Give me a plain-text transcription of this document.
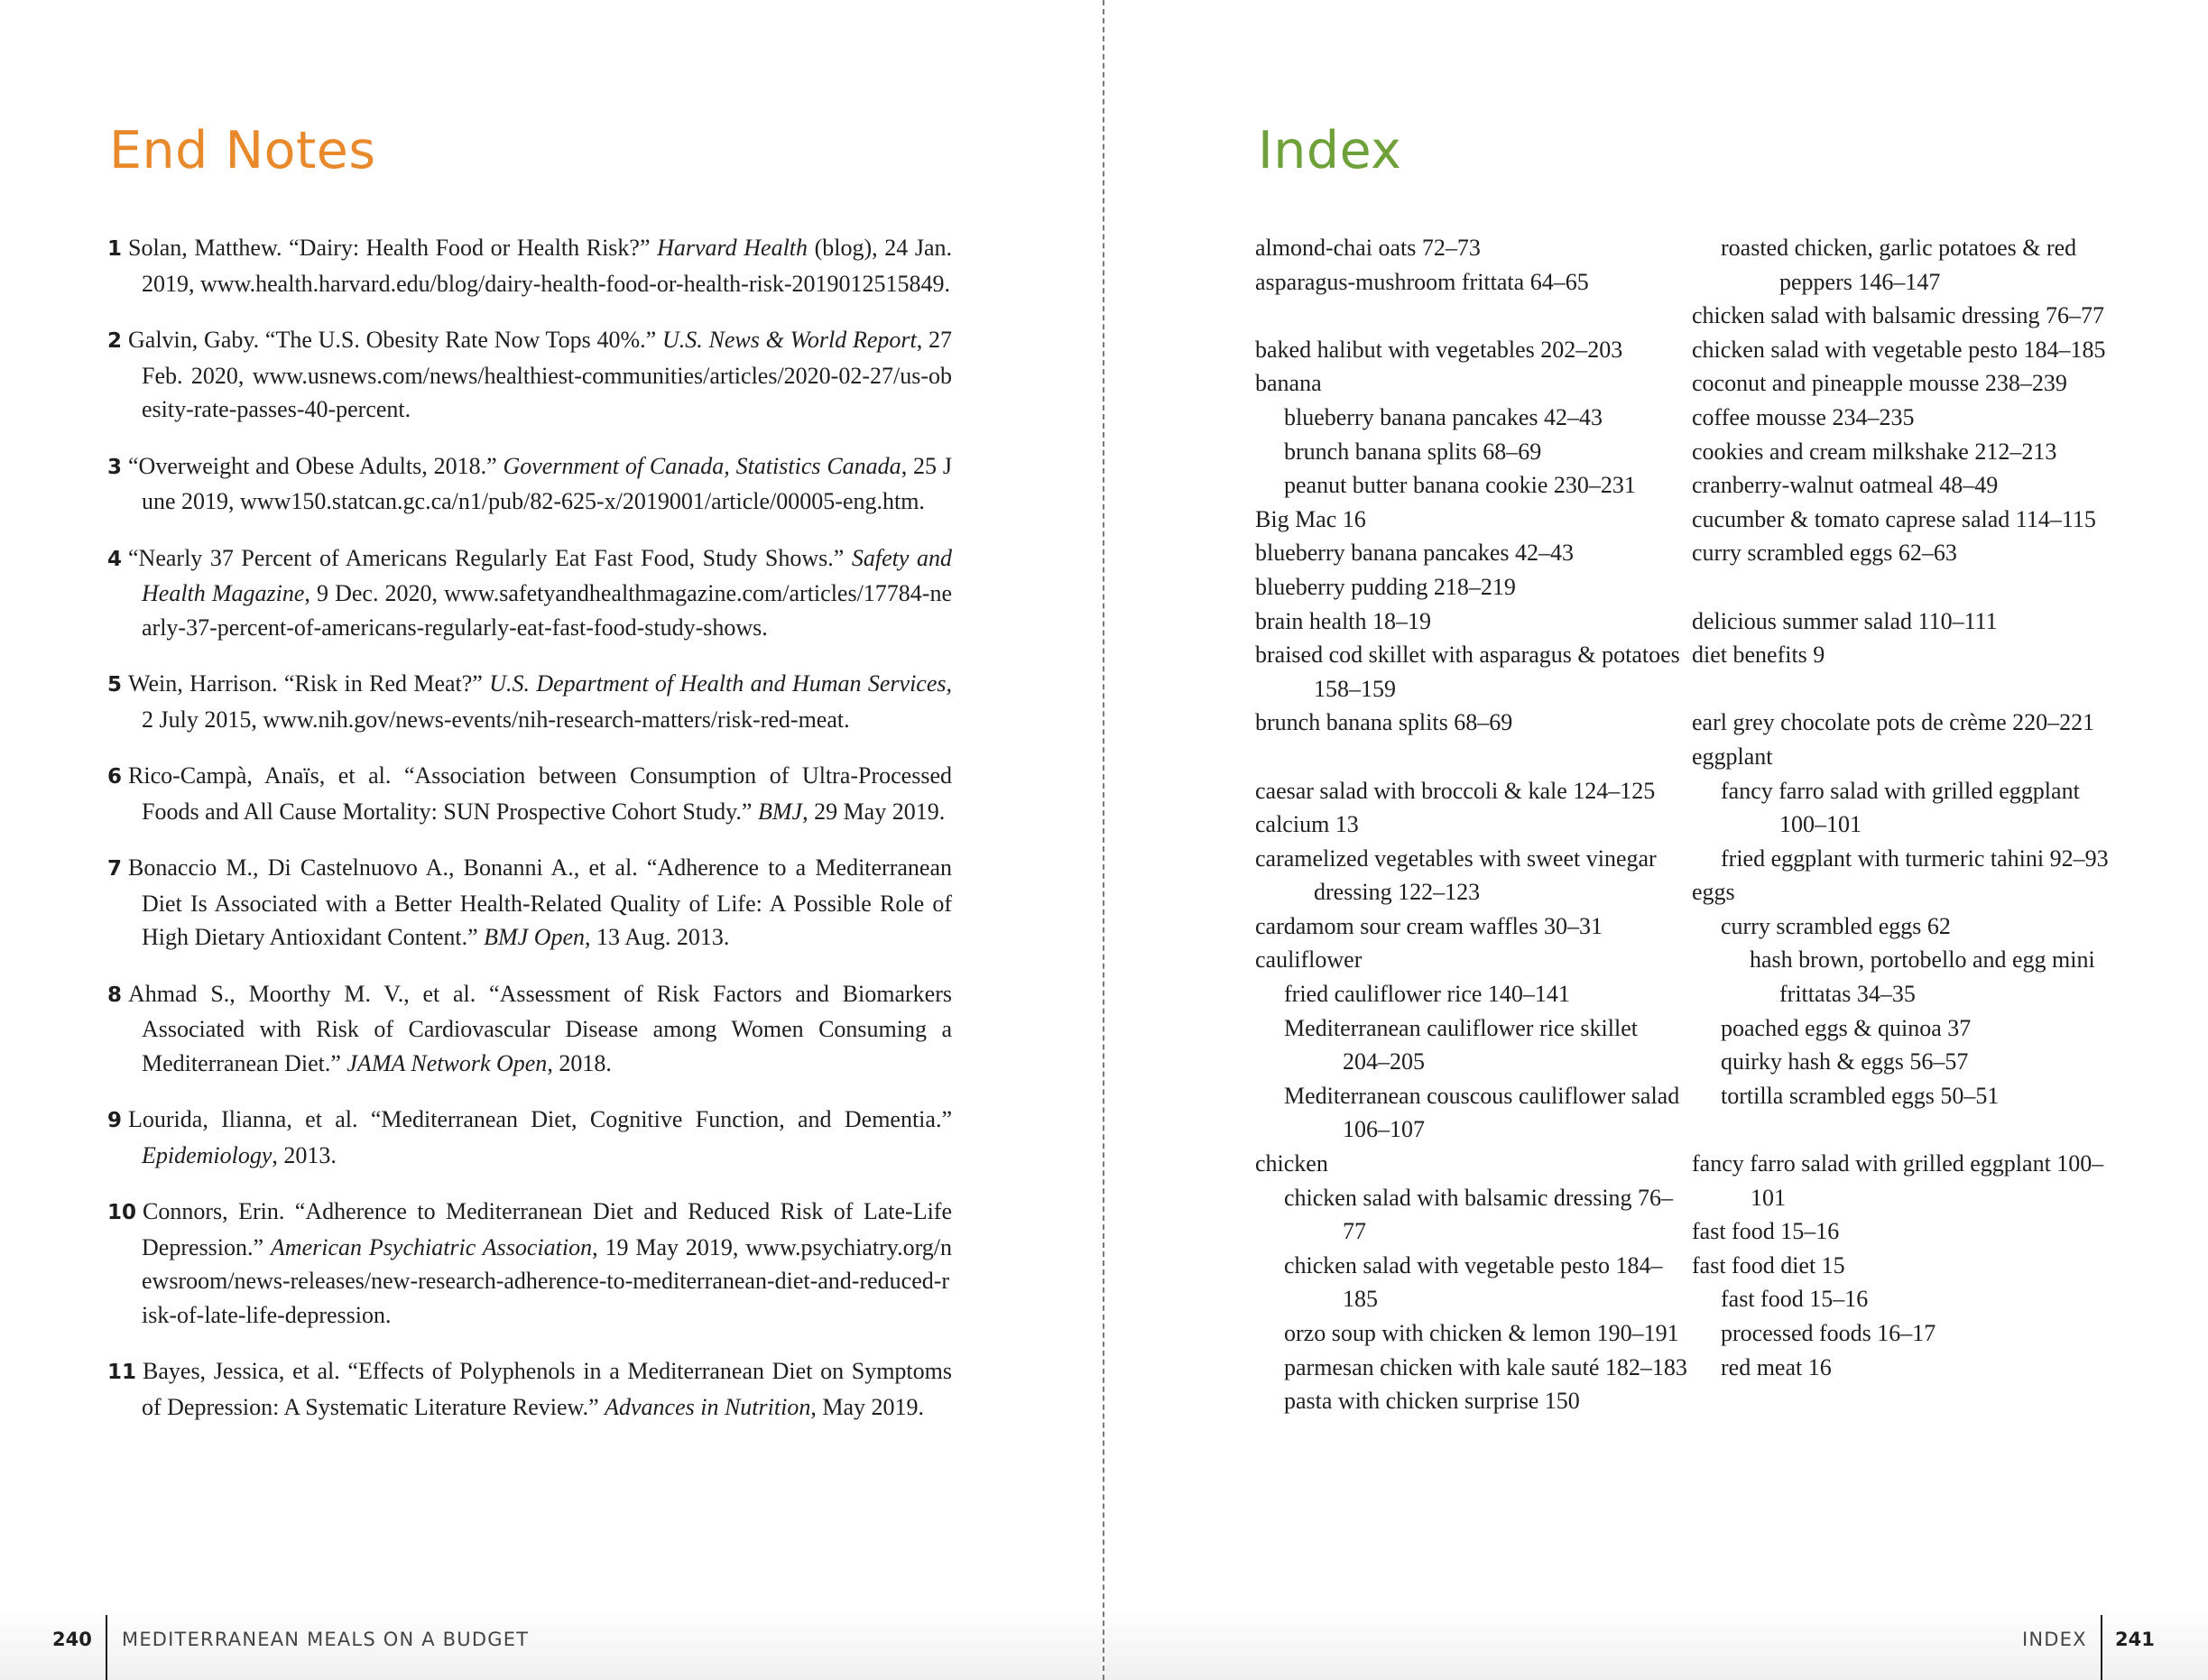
End Notes
1 Solan, Matthew. “Dairy: Health Food or Health Risk?” Harvard Health (blog), 24 Jan. 2019, www.health.harvard.edu/blog/dairy-health-food-or-health-risk-2019012515849.
2 Galvin, Gaby. “The U.S. Obesity Rate Now Tops 40%.” U.S. News & World Report, 27 Feb. 2020, www.usnews.com/news/healthiest-communities/articles/2020-02-27/us-obesity-rate-passes-40-percent.
3 “Overweight and Obese Adults, 2018.” Government of Canada, Statistics Canada, 25 June 2019, www150.statcan.gc.ca/n1/pub/82-625-x/2019001/article/00005-eng.htm.
4 “Nearly 37 Percent of Americans Regularly Eat Fast Food, Study Shows.” Safety and Health Magazine, 9 Dec. 2020, www.safetyandhealthmagazine.com/articles/17784-nearly-37-percent-of-americans-regularly-eat-fast-food-study-shows.
5 Wein, Harrison. “Risk in Red Meat?” U.S. Department of Health and Human Services, 2 July 2015, www.nih.gov/news-events/nih-research-matters/risk-red-meat.
6 Rico-Campà, Anaïs, et al. “Association between Consumption of Ultra-Processed Foods and All Cause Mortality: SUN Prospective Cohort Study.” BMJ, 29 May 2019.
7 Bonaccio M., Di Castelnuovo A., Bonanni A., et al. “Adherence to a Mediterranean Diet Is Associated with a Better Health-Related Quality of Life: A Possible Role of High Dietary Antioxidant Content.” BMJ Open, 13 Aug. 2013.
8 Ahmad S., Moorthy M. V., et al. “Assessment of Risk Factors and Biomarkers Associated with Risk of Cardiovascular Disease among Women Consuming a Mediterranean Diet.” JAMA Network Open, 2018.
9 Lourida, Ilianna, et al. “Mediterranean Diet, Cognitive Function, and Dementia.” Epidemiology, 2013.
10 Connors, Erin. “Adherence to Mediterranean Diet and Reduced Risk of Late-Life Depression.” American Psychiatric Association, 19 May 2019, www.psychiatry.org/newsroom/news-releases/new-research-adherence-to-mediterranean-diet-and-reduced-risk-of-late-life-depression.
11 Bayes, Jessica, et al. “Effects of Polyphenols in a Mediterranean Diet on Symptoms of Depression: A Systematic Literature Review.” Advances in Nutrition, May 2019.
240 MEDITERRANEAN MEALS ON A BUDGET
Index
almond-chai oats 72–73
asparagus-mushroom frittata 64–65
baked halibut with vegetables 202–203
banana
blueberry banana pancakes 42–43
brunch banana splits 68–69
peanut butter banana cookie 230–231
Big Mac 16
blueberry banana pancakes 42–43
blueberry pudding 218–219
brain health 18–19
braised cod skillet with asparagus & potatoes 158–159
brunch banana splits 68–69
caesar salad with broccoli & kale 124–125
calcium 13
caramelized vegetables with sweet vinegar dressing 122–123
cardamom sour cream waffles 30–31
cauliflower
fried cauliflower rice 140–141
Mediterranean cauliflower rice skillet 204–205
Mediterranean couscous cauliflower salad 106–107
chicken
chicken salad with balsamic dressing 76–77
chicken salad with vegetable pesto 184–185
orzo soup with chicken & lemon 190–191
parmesan chicken with kale sauté 182–183
pasta with chicken surprise 150
roasted chicken, garlic potatoes & red peppers 146–147
chicken salad with balsamic dressing 76–77
chicken salad with vegetable pesto 184–185
coconut and pineapple mousse 238–239
coffee mousse 234–235
cookies and cream milkshake 212–213
cranberry-walnut oatmeal 48–49
cucumber & tomato caprese salad 114–115
curry scrambled eggs 62–63
delicious summer salad 110–111
diet benefits 9
earl grey chocolate pots de crème 220–221
eggplant
fancy farro salad with grilled eggplant 100–101
fried eggplant with turmeric tahini 92–93
eggs
curry scrambled eggs 62
hash brown, portobello and egg mini frittatas 34–35
poached eggs & quinoa 37
quirky hash & eggs 56–57
tortilla scrambled eggs 50–51
fancy farro salad with grilled eggplant 100–101
fast food 15–16
fast food diet 15
fast food 15–16
processed foods 16–17
red meat 16
INDEX 241
